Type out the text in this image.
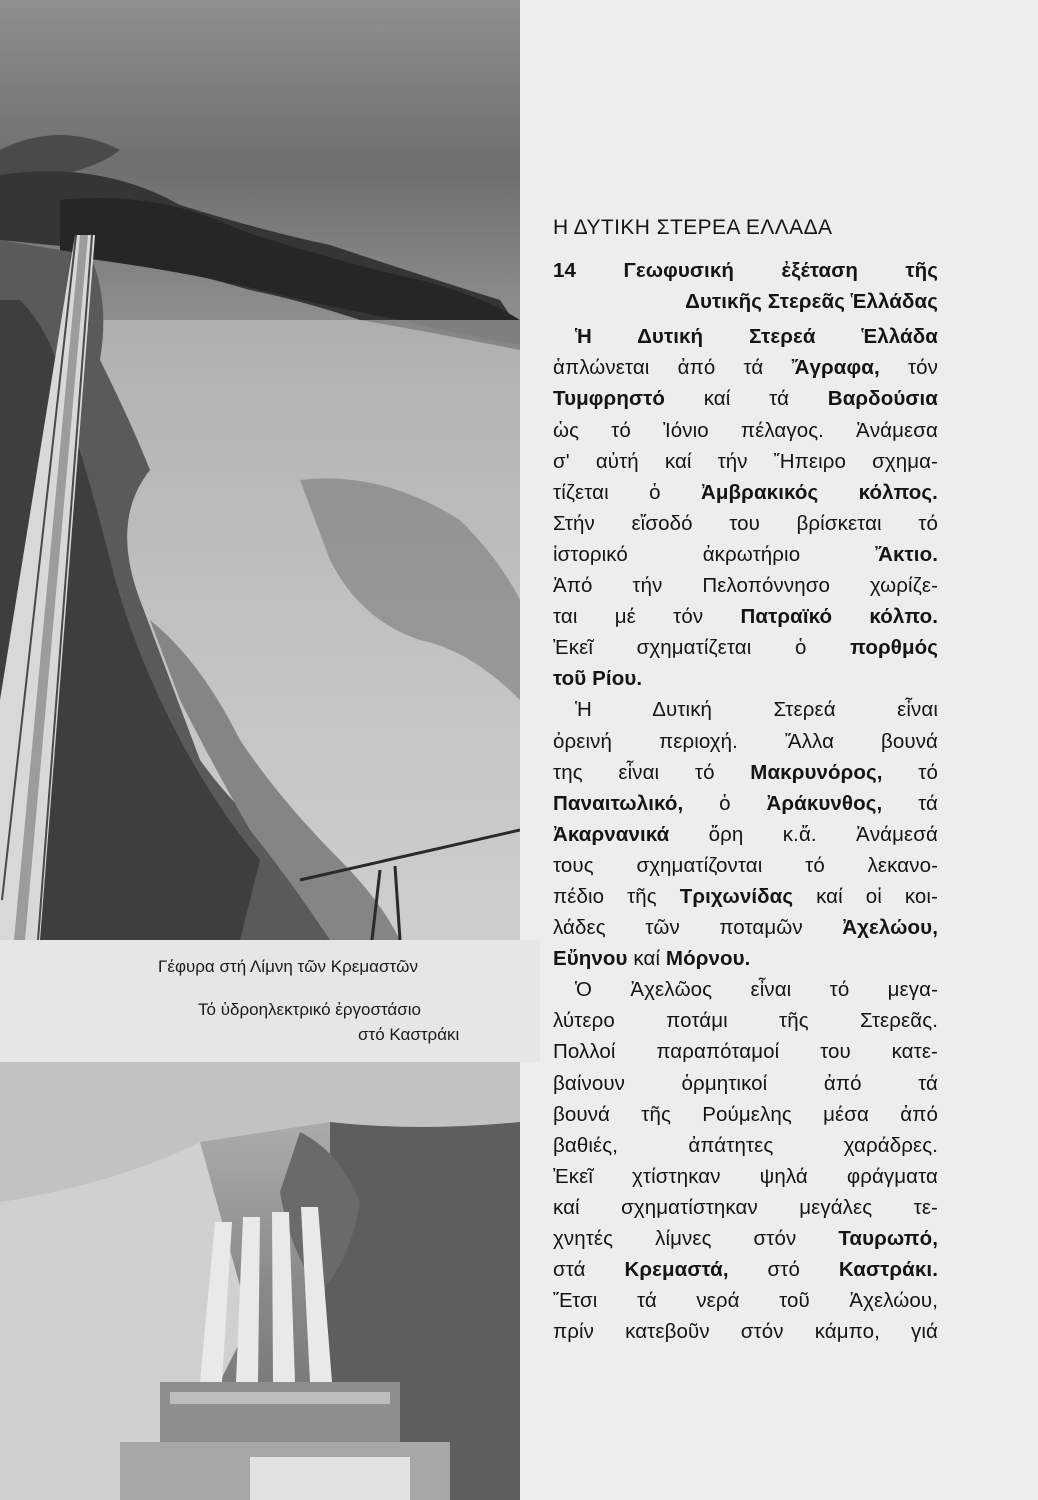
Γέφυρα στή Λίμνη τῶν Κρεμαστῶν
Τό ὑδροηλεκτρικό ἐργοστάσιο
στό Καστράκι
Η ΔΥΤΙΚΗ ΣΤΕΡΕΑ ΕΛΛΑΔΑ
14 Γεωφυσική ἐξέταση τῆς
Δυτικῆς Στερεᾶς Ἑλλάδας
Ἡ Δυτική Στερεά Ἑλλάδα
ἁπλώνεται ἀπό τά Ἄγραφα, τόν
Τυμφρηστό καί τά Βαρδούσια
ὡς τό Ἰόνιο πέλαγος. Ἀνάμεσα
σ' αὐτή καί τήν Ἤπειρο σχημα-
τίζεται ὁ Ἀμβρακικός κόλπος.
Στήν εἴσοδό του βρίσκεται τό
ἱστορικό ἀκρωτήριο Ἄκτιο.
Ἀπό τήν Πελοπόννησο χωρίζε-
ται μέ τόν Πατραϊκό κόλπο.
Ἐκεῖ σχηματίζεται ὁ πορθμός
τοῦ Ρίου.
Ἡ Δυτική Στερεά εἶναι
ὀρεινή περιοχή. Ἄλλα βουνά
της εἶναι τό Μακρυνόρος, τό
Παναιτωλικό, ὁ Ἀράκυνθος, τά
Ἀκαρνανικά ὄρη κ.ἄ. Ἀνάμεσά
τους σχηματίζονται τό λεκανο-
πέδιο τῆς Τριχωνίδας καί οἱ κοι-
λάδες τῶν ποταμῶν Ἀχελώου,
Εὔηνου καί Μόρνου.
Ὁ Ἀχελῶος εἶναι τό μεγα-
λύτερο ποτάμι τῆς Στερεᾶς.
Πολλοί παραπόταμοί του κατε-
βαίνουν ὁρμητικοί ἀπό τά
βουνά τῆς Ρούμελης μέσα ἀπό
βαθιές, ἀπάτητες χαράδρες.
Ἐκεῖ χτίστηκαν ψηλά φράγματα
καί σχηματίστηκαν μεγάλες τε-
χνητές λίμνες στόν Ταυρωπό,
στά Κρεμαστά, στό Καστράκι.
Ἔτσι τά νερά τοῦ Ἀχελώου,
πρίν κατεβοῦν στόν κάμπο, γιά
